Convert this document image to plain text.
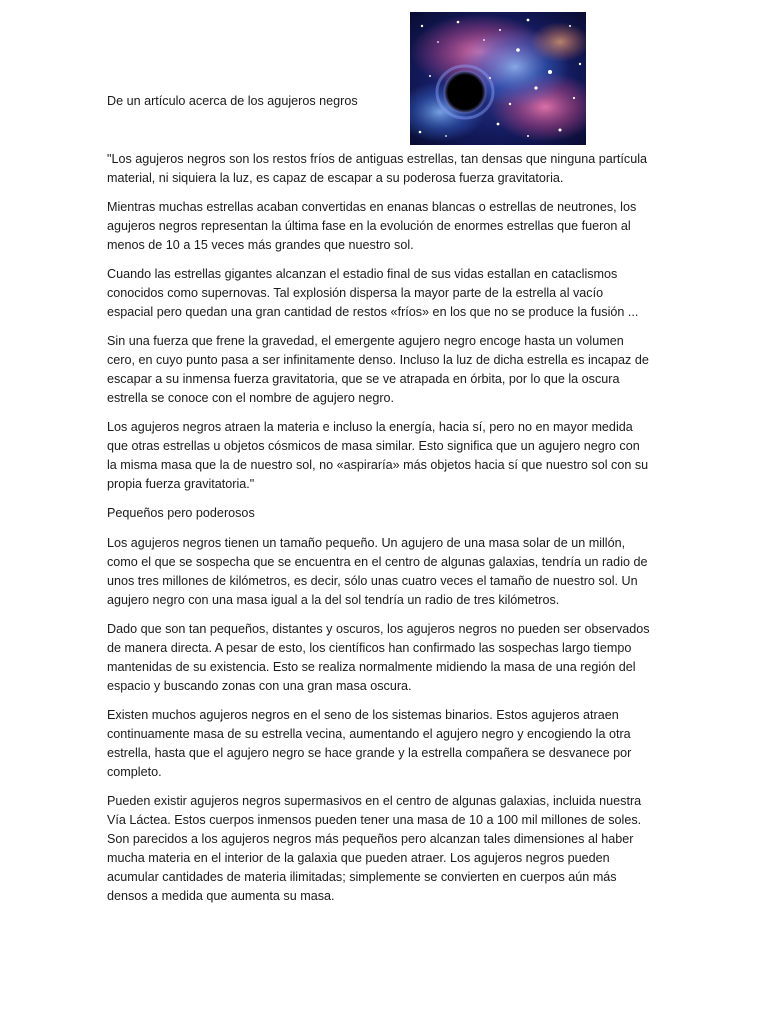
De un artículo acerca de los agujeros negros

"Los agujeros negros son los restos fríos de antiguas estrellas, tan densas que ninguna partícula material, ni siquiera la luz, es capaz de escapar a su poderosa fuerza gravitatoria.

Mientras muchas estrellas acaban convertidas en enanas blancas o estrellas de neutrones, los agujeros negros representan la última fase en la evolución de enormes estrellas que fueron al menos de 10 a 15 veces más grandes que nuestro sol.

Cuando las estrellas gigantes alcanzan el estadio final de sus vidas estallan en cataclismos conocidos como supernovas. Tal explosión dispersa la mayor parte de la estrella al vacío espacial pero quedan una gran cantidad de restos «fríos» en los que no se produce la fusión ...

Sin una fuerza que frene la gravedad, el emergente agujero negro encoge hasta un volumen cero, en cuyo punto pasa a ser infinitamente denso. Incluso la luz de dicha estrella es incapaz de escapar a su inmensa fuerza gravitatoria, que se ve atrapada en órbita, por lo que la oscura estrella se conoce con el nombre de agujero negro.

Los agujeros negros atraen la materia e incluso la energía, hacia sí, pero no en mayor medida que otras estrellas u objetos cósmicos de masa similar. Esto significa que un agujero negro con la misma masa que la de nuestro sol, no «aspiraría» más objetos hacia sí que nuestro sol con su propia fuerza gravitatoria."

Pequeños pero poderosos

Los agujeros negros tienen un tamaño pequeño. Un agujero de una masa solar de un millón, como el que se sospecha que se encuentra en el centro de algunas galaxias, tendría un radio de unos tres millones de kilómetros, es decir, sólo unas cuatro veces el tamaño de nuestro sol. Un agujero negro con una masa igual a la del sol tendría un radio de tres kilómetros.

Dado que son tan pequeños, distantes y oscuros, los agujeros negros no pueden ser observados de manera directa. A pesar de esto, los científicos han confirmado las sospechas largo tiempo mantenidas de su existencia. Esto se realiza normalmente midiendo la masa de una región del espacio y buscando zonas con una gran masa oscura.

Existen muchos agujeros negros en el seno de los sistemas binarios. Estos agujeros atraen continuamente masa de su estrella vecina, aumentando el agujero negro y encogiendo la otra estrella, hasta que el agujero negro se hace grande y la estrella compañera se desvanece por completo.

Pueden existir agujeros negros supermasivos en el centro de algunas galaxias, incluida nuestra Vía Láctea. Estos cuerpos inmensos pueden tener una masa de 10 a 100 mil millones de soles. Son parecidos a los agujeros negros más pequeños pero alcanzan tales dimensiones al haber mucha materia en el interior de la galaxia que pueden atraer. Los agujeros negros pueden acumular cantidades de materia ilimitadas; simplemente se convierten en cuerpos aún más densos a medida que aumenta su masa.
